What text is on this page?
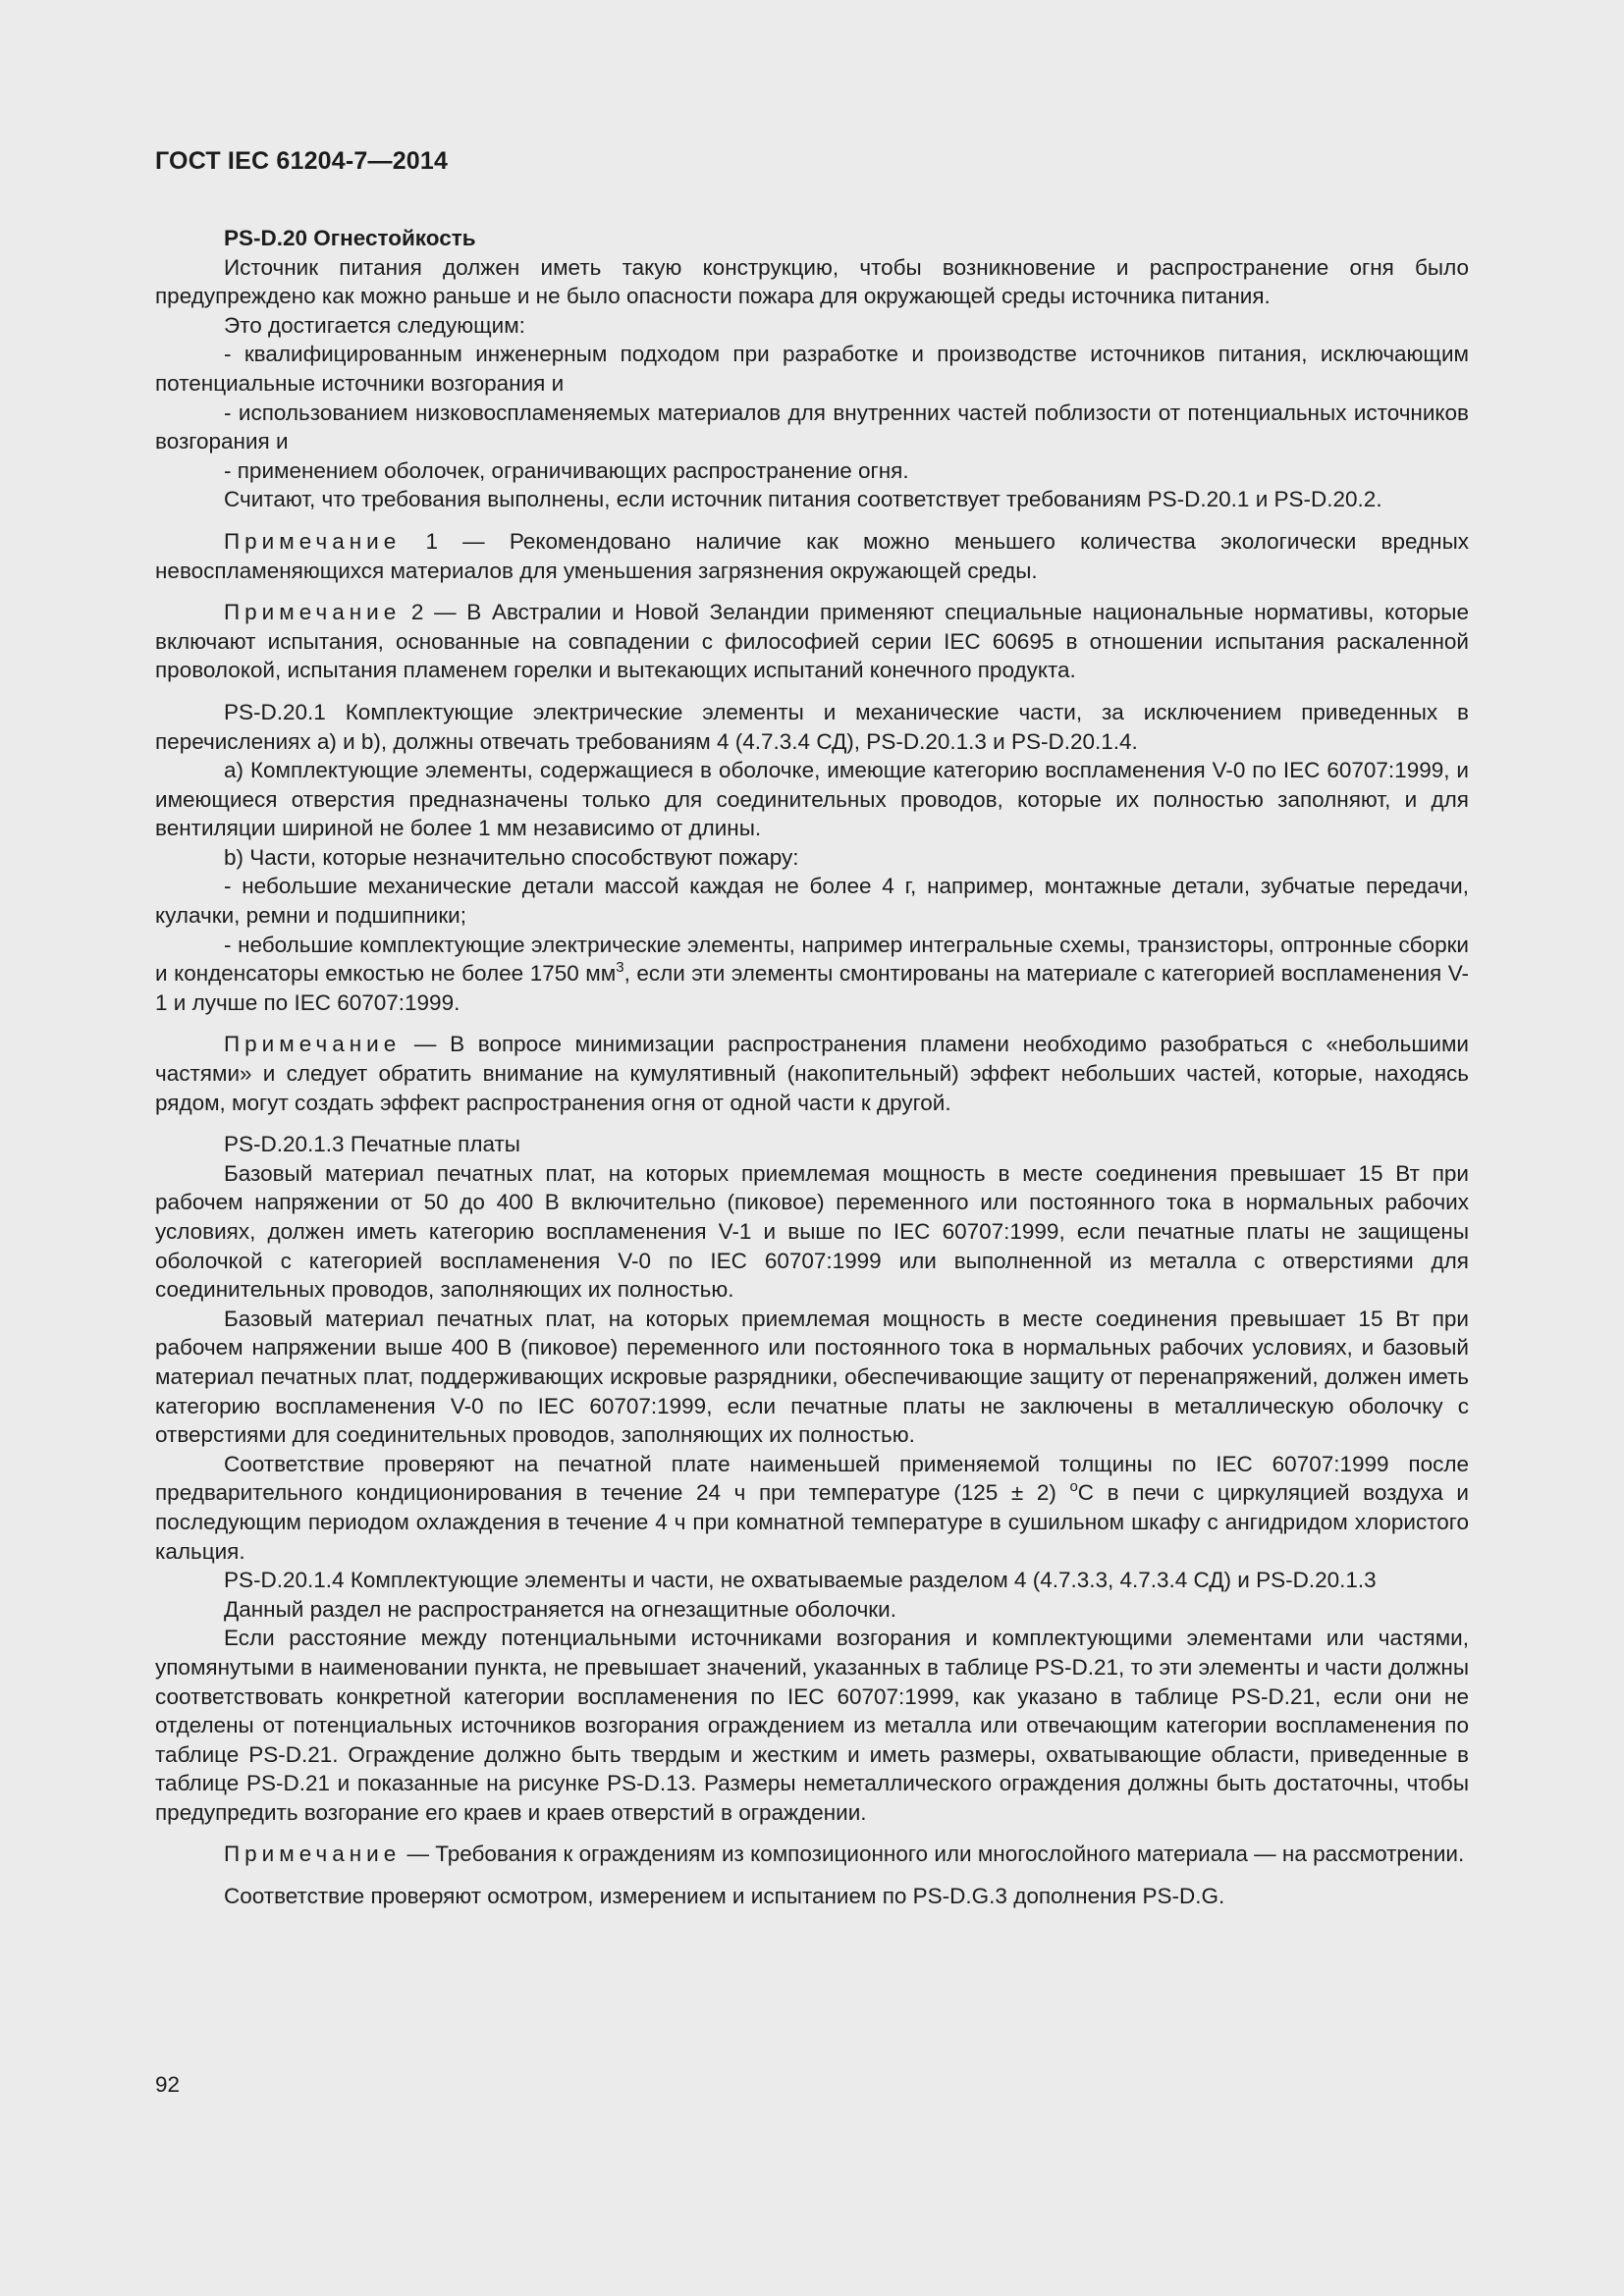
ГОСТ IEC 61204-7—2014
PS-D.20 Огнестойкость

Источник питания должен иметь такую конструкцию, чтобы возникновение и распространение огня было предупреждено как можно раньше и не было опасности пожара для окружающей среды источника питания.

Это достигается следующим:

- квалифицированным инженерным подходом при разработке и производстве источников питания, исключающим потенциальные источники возгорания и

- использованием низковоспламеняемых материалов для внутренних частей поблизости от потенциальных источников возгорания и

- применением оболочек, ограничивающих распространение огня.

Считают, что требования выполнены, если источник питания соответствует требованиям PS-D.20.1 и PS-D.20.2.

Примечание 1 — Рекомендовано наличие как можно меньшего количества экологически вредных невоспламеняющихся материалов для уменьшения загрязнения окружающей среды.

Примечание 2 — В Австралии и Новой Зеландии применяют специальные национальные нормативы, которые включают испытания, основанные на совпадении с философией серии IEC 60695 в отношении испытания раскаленной проволокой, испытания пламенем горелки и вытекающих испытаний конечного продукта.

PS-D.20.1 Комплектующие электрические элементы и механические части, за исключением приведенных в перечислениях а) и b), должны отвечать требованиям 4 (4.7.3.4 СД), PS-D.20.1.3 и PS-D.20.1.4.

а) Комплектующие элементы, содержащиеся в оболочке, имеющие категорию воспламенения V-0 по IEC 60707:1999, и имеющиеся отверстия предназначены только для соединительных проводов, которые их полностью заполняют, и для вентиляции шириной не более 1 мм независимо от длины.

b) Части, которые незначительно способствуют пожару:

- небольшие механические детали массой каждая не более 4 г, например, монтажные детали, зубчатые передачи, кулачки, ремни и подшипники;

- небольшие комплектующие электрические элементы, например интегральные схемы, транзисторы, оптронные сборки и конденсаторы емкостью не более 1750 $мм^3$, если эти элементы смонтированы на материале с категорией воспламенения V-1 и лучше по IEC 60707:1999.

Примечание — В вопросе минимизации распространения пламени необходимо разобраться с «небольшими частями» и следует обратить внимание на кумулятивный (накопительный) эффект небольших частей, которые, находясь рядом, могут создать эффект распространения огня от одной части к другой.

PS-D.20.1.3 Печатные платы

Базовый материал печатных плат, на которых приемлемая мощность в месте соединения превышает 15 Вт при рабочем напряжении от 50 до 400 В включительно (пиковое) переменного или постоянного тока в нормальных рабочих условиях, должен иметь категорию воспламенения V-1 и выше по IEC 60707:1999, если печатные платы не защищены оболочкой с категорией воспламенения V-0 по IEC 60707:1999 или выполненной из металла с отверстиями для соединительных проводов, заполняющих их полностью.

Базовый материал печатных плат, на которых приемлемая мощность в месте соединения превышает 15 Вт при рабочем напряжении выше 400 В (пиковое) переменного или постоянного тока в нормальных рабочих условиях, и базовый материал печатных плат, поддерживающих искровые разрядники, обеспечивающие защиту от перенапряжений, должен иметь категорию воспламенения V-0 по IEC 60707:1999, если печатные платы не заключены в металлическую оболочку с отверстиями для соединительных проводов, заполняющих их полностью.

Соответствие проверяют на печатной плате наименьшей применяемой толщины по IEC 60707:1999 после предварительного кондиционирования в течение 24 ч при температуре (125 ± 2) $^o$С в печи с циркуляцией воздуха и последующим периодом охлаждения в течение 4 ч при комнатной температуре в сушильном шкафу с ангидридом хлористого кальция.

PS-D.20.1.4 Комплектующие элементы и части, не охватываемые разделом 4 (4.7.3.3, 4.7.3.4 СД) и PS-D.20.1.3

Данный раздел не распространяется на огнезащитные оболочки.

Если расстояние между потенциальными источниками возгорания и комплектующими элементами или частями, упомянутыми в наименовании пункта, не превышает значений, указанных в таблице PS-D.21, то эти элементы и части должны соответствовать конкретной категории воспламенения по IEC 60707:1999, как указано в таблице PS-D.21, если они не отделены от потенциальных источников возгорания ограждением из металла или отвечающим категории воспламенения по таблице PS-D.21. Ограждение должно быть твердым и жестким и иметь размеры, охватывающие области, приведенные в таблице PS-D.21 и показанные на рисунке PS-D.13. Размеры неметаллического ограждения должны быть достаточны, чтобы предупредить возгорание его краев и краев отверстий в ограждении.

Примечание — Требования к ограждениям из композиционного или многослойного материала — на рассмотрении.

Соответствие проверяют осмотром, измерением и испытанием по PS-D.G.3 дополнения PS-D.G.

92
